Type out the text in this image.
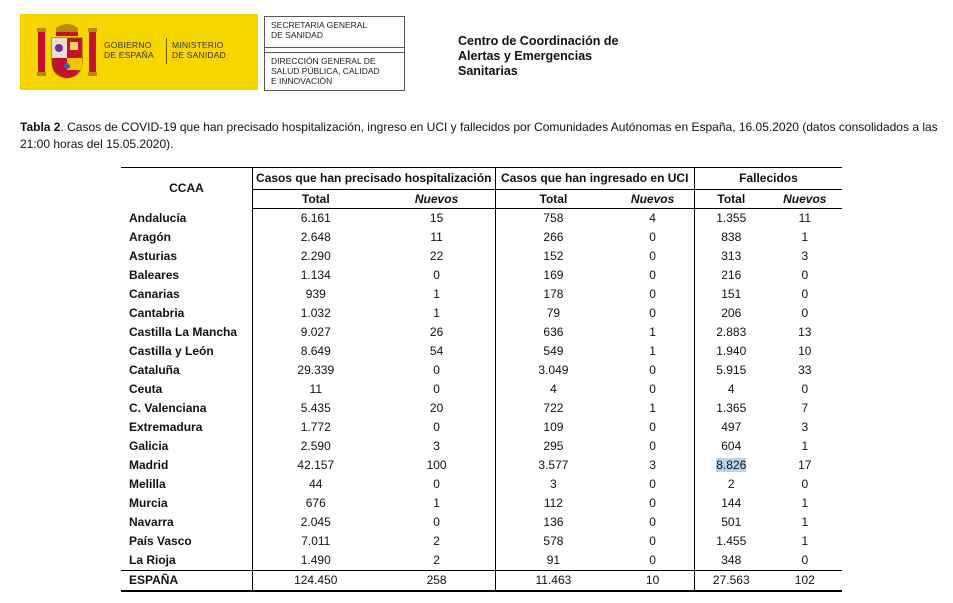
GOBIERNO
DE ESPAÑA
MINISTERIO
DE SANIDAD
SECRETARIA GENERAL
DE SANIDAD
DIRECCIÓN GENERAL DE
SALUD PÚBLICA, CALIDAD
E INNOVACIÓN
Centro de Coordinación de
Alertas y Emergencias
Sanitarias
Tabla 2. Casos de COVID-19 que han precisado hospitalización, ingreso en UCI y fallecidos por Comunidades Autónomas en España, 16.05.2020 (datos consolidados a las 21:00 horas del 15.05.2020).
CCAA	Casos que han precisado hospitalización		Casos que han ingresado en UCI		Fallecidos	
	Total	Nuevos	Total	Nuevos	Total	Nuevos
Andalucía	6.161	15	758	4	1.355	11
Aragón	2.648	11	266	0	838	1
Asturias	2.290	22	152	0	313	3
Baleares	1.134	0	169	0	216	0
Canarias	939	1	178	0	151	0
Cantabria	1.032	1	79	0	206	0
Castilla La Mancha	9.027	26	636	1	2.883	13
Castilla y León	8.649	54	549	1	1.940	10
Cataluña	29.339	0	3.049	0	5.915	33
Ceuta	11	0	4	0	4	0
C. Valenciana	5.435	20	722	1	1.365	7
Extremadura	1.772	0	109	0	497	3
Galicia	2.590	3	295	0	604	1
Madrid	42.157	100	3.577	3	8.826	17
Melilla	44	0	3	0	2	0
Murcia	676	1	112	0	144	1
Navarra	2.045	0	136	0	501	1
País Vasco	7.011	2	578	0	1.455	1
La Rioja	1.490	2	91	0	348	0
ESPAÑA	124.450	258	11.463	10	27.563	102
